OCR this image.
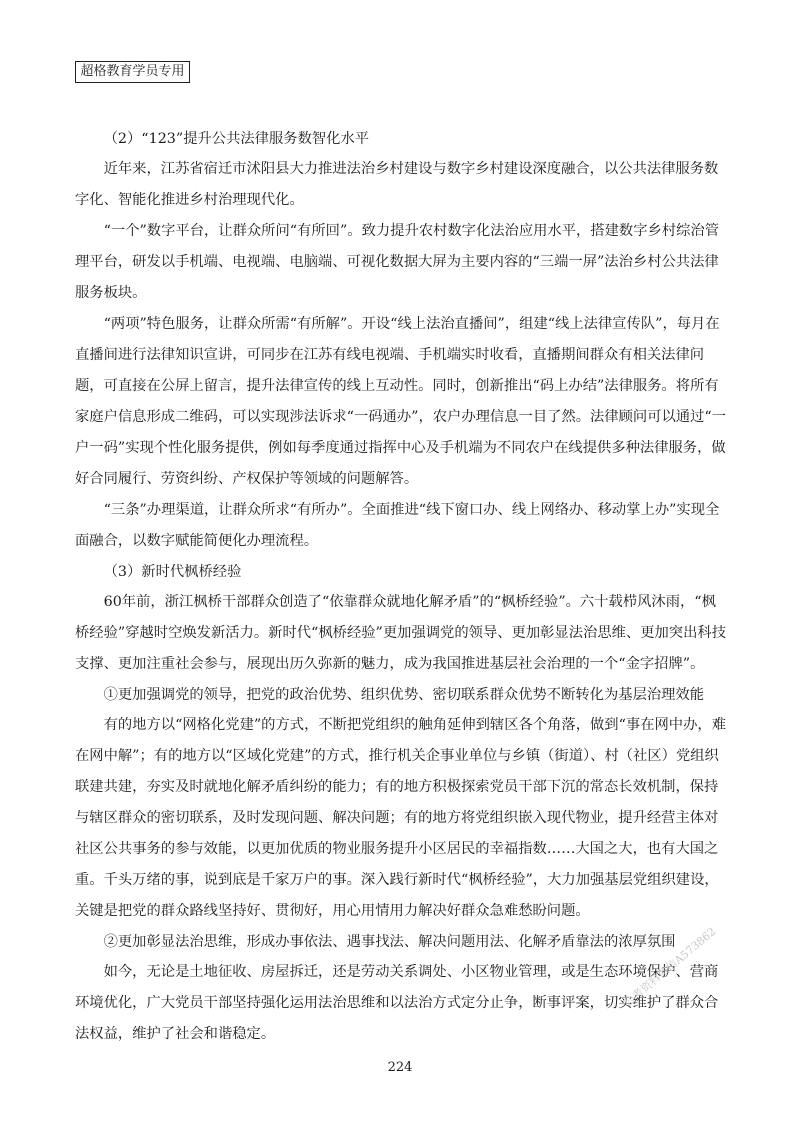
超格教育学员专用

（2）“123”提升公共法律服务数智化水平

近年来，江苏省宿迁市沭阳县大力推进法治乡村建设与数字乡村建设深度融合，以公共法律服务数字化、智能化推进乡村治理现代化。

“一个”数字平台，让群众所问“有所回”。致力提升农村数字化法治应用水平，搭建数字乡村综治管理平台，研发以手机端、电视端、电脑端、可视化数据大屏为主要内容的“三端一屏”法治乡村公共法律服务板块。

“两项”特色服务，让群众所需“有所解”。开设“线上法治直播间”，组建“线上法律宣传队”，每月在直播间进行法律知识宣讲，可同步在江苏有线电视端、手机端实时收看，直播期间群众有相关法律问题，可直接在公屏上留言，提升法律宣传的线上互动性。同时，创新推出“码上办结”法律服务。将所有家庭户信息形成二维码，可以实现涉法诉求“一码通办”，农户办理信息一目了然。法律顾问可以通过“一户一码”实现个性化服务提供，例如每季度通过指挥中心及手机端为不同农户在线提供多种法律服务，做好合同履行、劳资纠纷、产权保护等领域的问题解答。

“三条”办理渠道，让群众所求“有所办”。全面推进“线下窗口办、线上网络办、移动掌上办”实现全面融合，以数字赋能简便化办理流程。

（3）新时代枫桥经验

60年前，浙江枫桥干部群众创造了“依靠群众就地化解矛盾”的“枫桥经验”。六十载栉风沐雨，“枫桥经验”穿越时空焕发新活力。新时代“枫桥经验”更加强调党的领导、更加彰显法治思维、更加突出科技支撑、更加注重社会参与，展现出历久弥新的魅力，成为我国推进基层社会治理的一个“金字招牌”。

①更加强调党的领导，把党的政治优势、组织优势、密切联系群众优势不断转化为基层治理效能

有的地方以“网格化党建”的方式，不断把党组织的触角延伸到辖区各个角落，做到“事在网中办，难在网中解”；有的地方以“区域化党建”的方式，推行机关企事业单位与乡镇（街道）、村（社区）党组织联建共建，夯实及时就地化解矛盾纠纷的能力；有的地方积极探索党员干部下沉的常态长效机制，保持与辖区群众的密切联系，及时发现问题、解决问题；有的地方将党组织嵌入现代物业，提升经营主体对社区公共事务的参与效能，以更加优质的物业服务提升小区居民的幸福指数……大国之大，也有大国之重。千头万绪的事，说到底是千家万户的事。深入践行新时代“枫桥经验”，大力加强基层党组织建设，关键是把党的群众路线坚持好、贯彻好，用心用情用力解决好群众急难愁盼问题。

②更加彰显法治思维，形成办事依法、遇事找法、解决问题用法、化解矛盾靠法的浓厚氛围

如今，无论是土地征收、房屋拆迁，还是劳动关系调处、小区物业管理，或是生态环境保护、营商环境优化，广大党员干部坚持强化运用法治思维和以法治方式定分止争，断事评案，切实维护了群众合法权益，维护了社会和谐稳定。

公考资料微信A573862
224
